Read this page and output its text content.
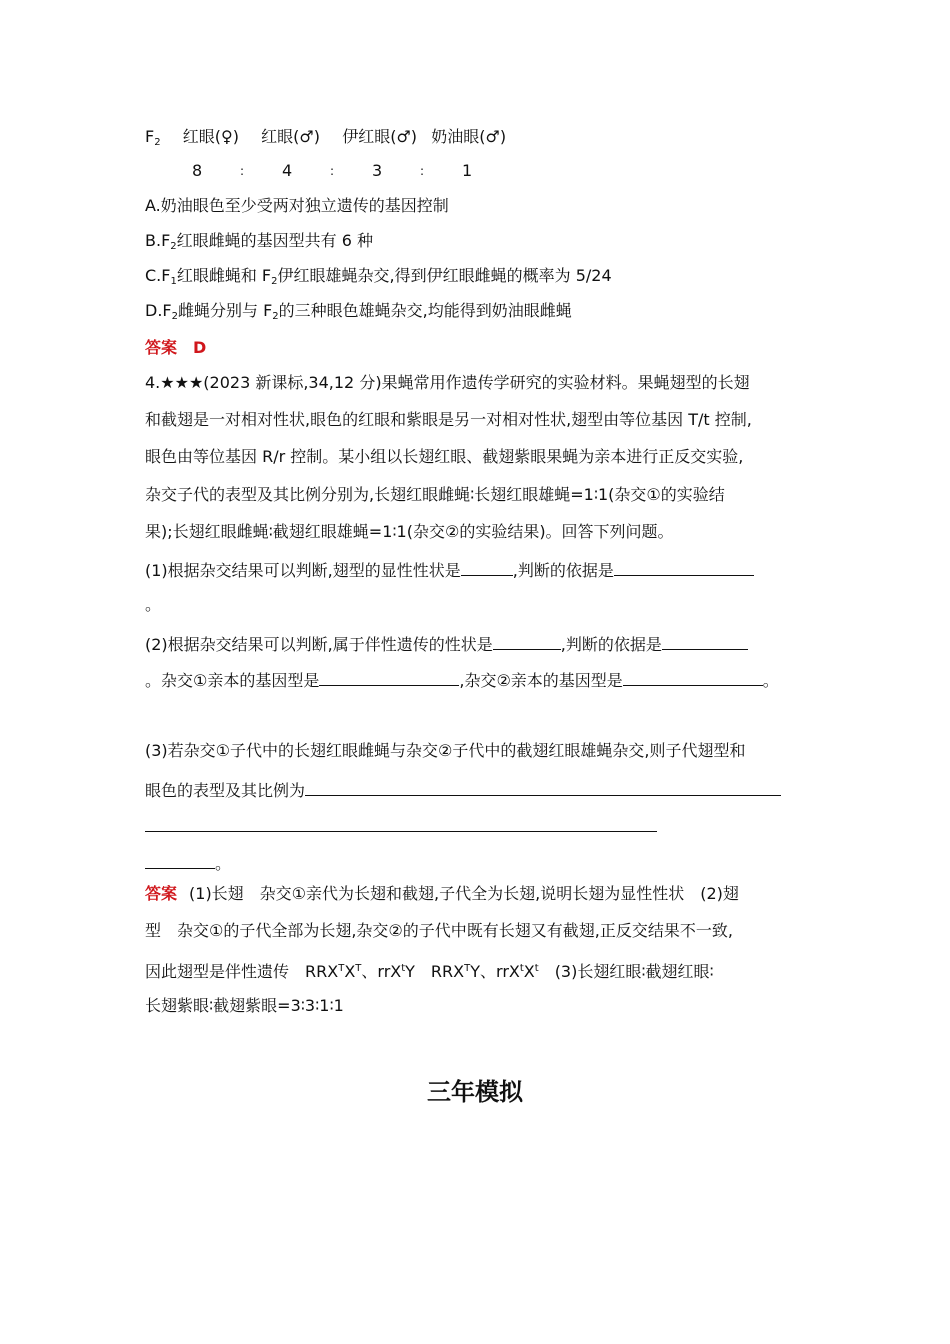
$F_2$ 红眼(♀) 红眼(♂) 伊红眼(♂) 奶油眼(♂)
8	: 4	: 3	: 1
A.奶油眼色至少受两对独立遗传的基因控制
$B.F_2$红眼雌蝇的基因型共有 6 种
$C.F_1$红眼雌蝇和 $F_2$伊红眼雄蝇杂交,得到伊红眼雌蝇的概率为 5/24
$D.F_2$雌蝇分别与 $F_2$的三种眼色雄蝇杂交,均能得到奶油眼雌蝇
答案 D
4.★★★(2023 新课标,34,12 分)果蝇常用作遗传学研究的实验材料。果蝇翅型的长翅
和截翅是一对相对性状,眼色的红眼和紫眼是另一对相对性状,翅型由等位基因 T/t 控制,
眼色由等位基因 R/r 控制。某小组以长翅红眼、截翅紫眼果蝇为亲本进行正反交实验,
杂交子代的表型及其比例分别为,长翅红眼雌蝇∶长翅红眼雄蝇=1∶1(杂交①的实验结
果);长翅红眼雌蝇∶截翅红眼雄蝇=1∶1(杂交②的实验结果)。回答下列问题。
(1)根据杂交结果可以判断,翅型的显性性状是	,判断的依据是
。
(2)根据杂交结果可以判断,属于伴性遗传的性状是	,判断的依据是
。杂交①亲本的基因型是	,杂交②亲本的基因型是	。
(3)若杂交①子代中的长翅红眼雌蝇与杂交②子代中的截翅红眼雄蝇杂交,则子代翅型和
眼色的表型及其比例为
。
答案 (1)长翅　杂交①亲代为长翅和截翅,子代全为长翅,说明长翅为显性性状　(2)翅
型　杂交①的子代全部为长翅,杂交②的子代中既有长翅又有截翅,正反交结果不一致,
因此翅型是伴性遗传　$RRX^TX^T$、rrX$^t$Y　$RRX^TY$、$rrX^tX^t$　(3)长翅红眼∶截翅红眼∶
长翅紫眼∶截翅紫眼=3∶3∶1∶1
三年模拟
